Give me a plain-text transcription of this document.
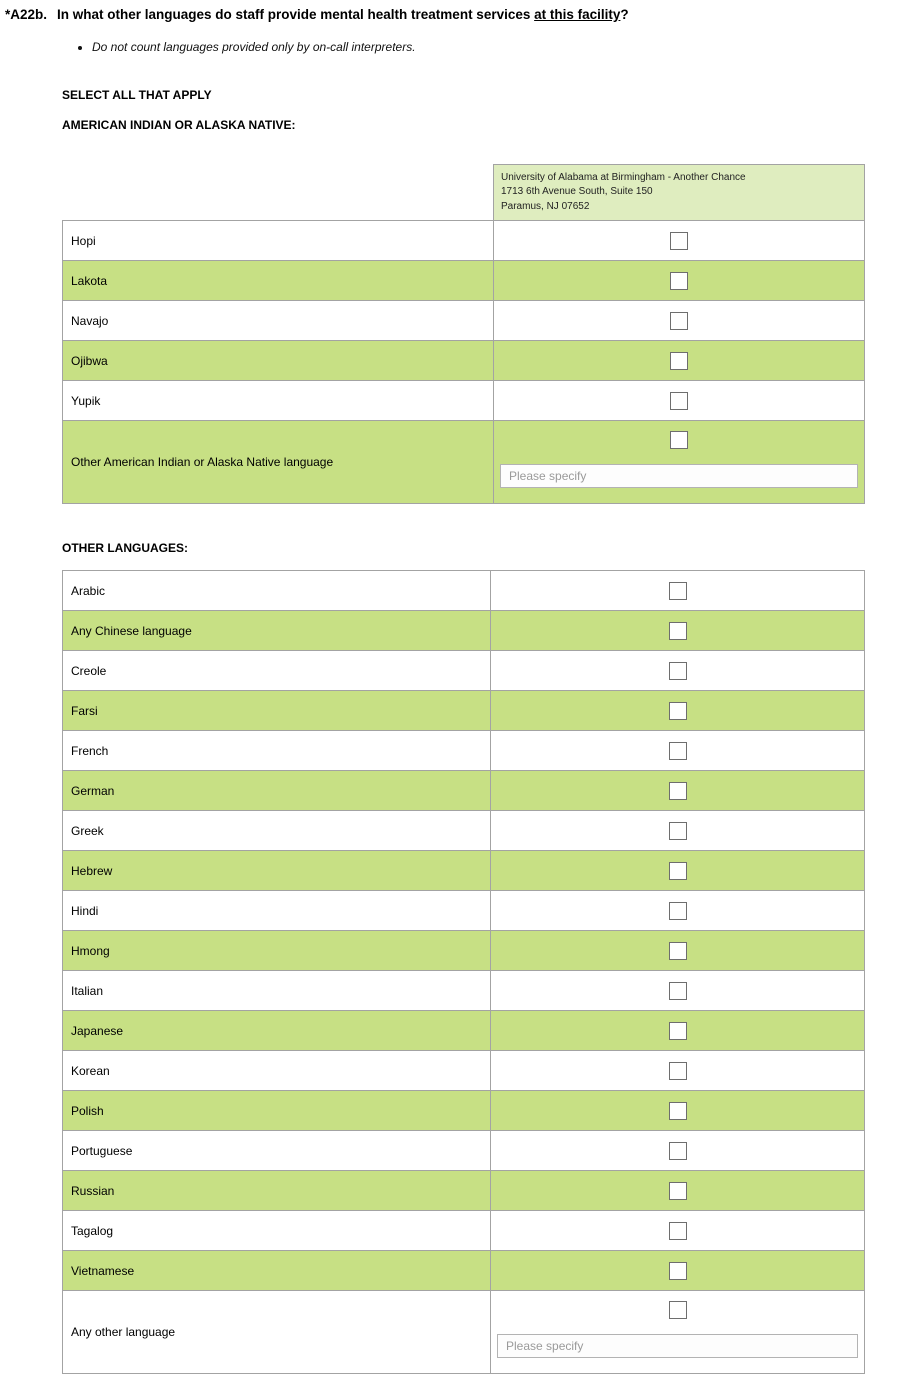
*A22b. In what other languages do staff provide mental health treatment services at this facility?
• Do not count languages provided only by on-call interpreters.
SELECT ALL THAT APPLY
AMERICAN INDIAN OR ALASKA NATIVE:

	University of Alabama at Birmingham - Another Chance
1713 6th Avenue South, Suite 150
Paramus, NJ 07652

Hopi	
Lakota	
Navajo	
Ojibwa	
Yupik	
Other American Indian or Alaska Native language	
Please specify
OTHER LANGUAGES:
Arabic	
Any Chinese language	
Creole	
Farsi	
French	
German	
Greek	
Hebrew	
Hindi	
Hmong	
Italian	
Japanese	
Korean	
Polish	
Portuguese	
Russian	
Tagalog	
Vietnamese	
Any other language	
Please specify
